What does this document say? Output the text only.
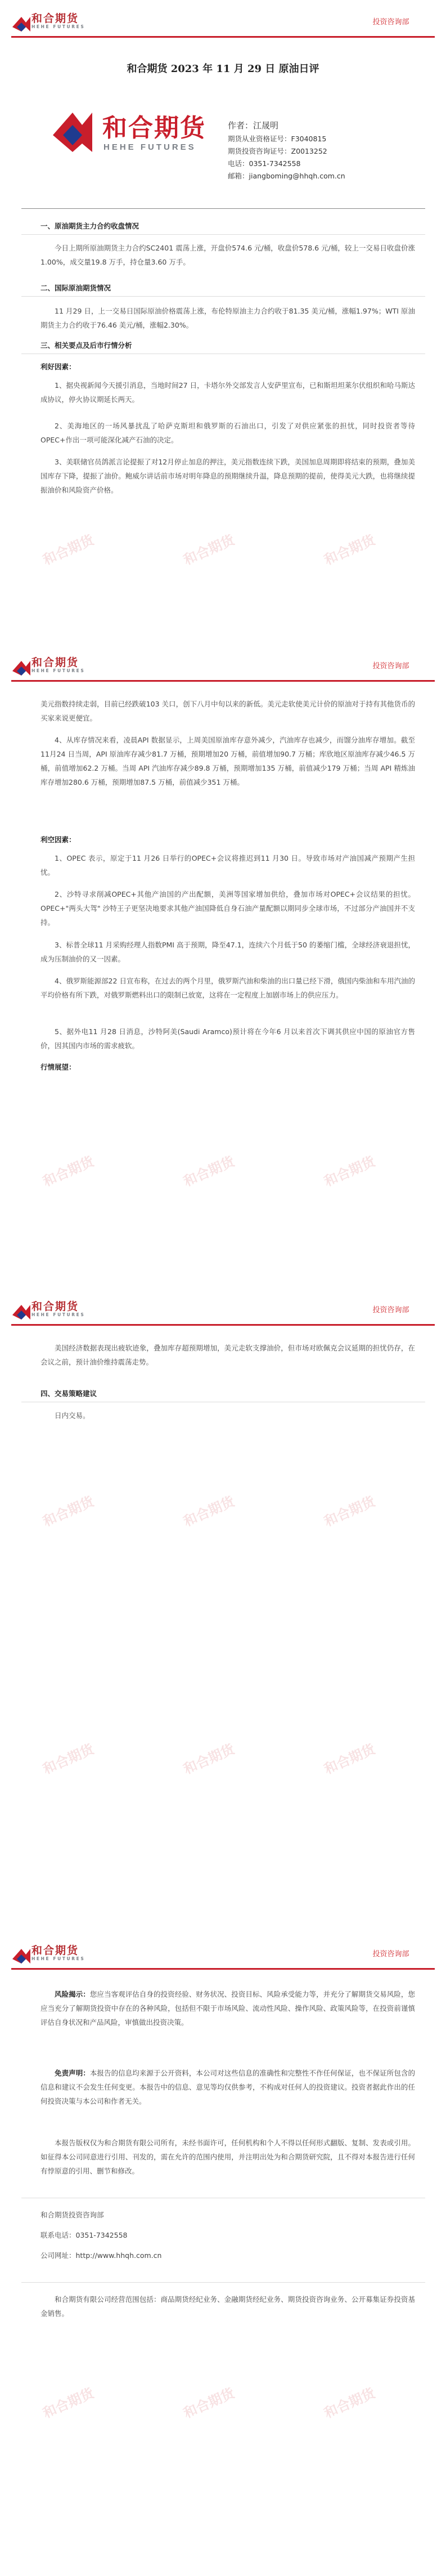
和合期货
HEHE FUTURES
投资咨询部
和合期货 2023 年 11 月 29 日 原油日评
和合期货
HEHE FUTURES
作者：江晟明
期货从业资格证号：F3040815
期货投资咨询证号：Z0013252
电话：0351-7342558
邮箱：jiangboming@hhqh.com.cn
一、原油期货主力合约收盘情况

今日上期所原油期货主力合约SC2401 震荡上涨，开盘价574.6 元/桶，收盘价578.6 元/桶，较上一交易日收盘价涨1.00%，成交量19.8 万手，持仓量3.60 万手。

二、国际原油期货情况

11 月29 日，上一交易日国际原油价格震荡上涨，布伦特原油主力合约收于81.35 美元/桶，涨幅1.97%；WTI 原油期货主力合约收于76.46 美元/桶，涨幅2.30%。

三、相关要点及后市行情分析
利好因素：

1、据央视新闻今天援引消息，当地时间27 日，卡塔尔外交部发言人安萨里宣布，已和斯坦坦莱尔伏组织和哈马斯达成协议，停火协议期延长两天。

2、美海地区的一场风暴扰乱了哈萨克斯坦和俄罗斯的石油出口，引发了对供应紧张的担忧，同时投资者等待OPEC+作出一项可能深化减产石油的决定。

3、美联储官员鸽派言论提振了对12月停止加息的押注，美元指数连续下跌，美国加息周期即将结束的预期，叠加美国库存下降，提振了油价。鲍威尔讲话前市场对明年降息的预期继续升温，降息预期的提前，使得美元大跌，也将继续提振油价和风险资产价格。

和合期货	和合期货	和合期货
和合期货
HEHE FUTURES
投资咨询部

美元指数持续走弱，目前已经跌破103 关口，创下八月中旬以来的新低。美元走软使美元计价的原油对于持有其他货币的买家来说更便宜。

4、从库存情况来看，凌晨API 数据显示，上周美国原油库存意外减少，汽油库存也减少，而馏分油库存增加。截至11月24 日当周，API 原油库存减少81.7 万桶，预期增加20 万桶，前值增加90.7 万桶；库欣地区原油库存减少46.5 万桶，前值增加62.2 万桶。当周 API 汽油库存减少89.8 万桶，预期增加135 万桶，前值减少179 万桶；当周 API 精炼油库存增加280.6 万桶，预期增加87.5 万桶，前值减少351 万桶。

利空因素：

1、OPEC 表示，原定于11 月26 日举行的OPEC+会议将推迟到11 月30 日。导致市场对产油国减产预期产生担忧。

2、沙特寻求削减OPEC+其他产油国的产出配额，美洲等国家增加供给，叠加市场对OPEC+会议结果的担忧。OPEC+"两头大驾" 沙特王子更坚决地要求其他产油国降低自身石油产量配额以期同步全球市场，不过部分产油国并不支持。

3、标普全球11 月采购经理人指数PMI 高于预期，降至47.1，连续六个月低于50 的萎缩门槛，全球经济衰退担忧，成为压制油价的又一因素。

4、俄罗斯能源部22 日宣布称，在过去的两个月里，俄罗斯汽油和柴油的出口量已经下滑，俄国内柴油和车用汽油的平均价格有所下跌，对俄罗斯燃料出口的限制已放宽，这将在一定程度上加剧市场上的供应压力。

5、据外电11 月28 日消息，沙特阿美(Saudi Aramco)预计将在今年6 月以来首次下调其供应中国的原油官方售价，因其国内市场的需求疲软。

行情展望：
和合期货	和合期货	和合期货
和合期货
HEHE FUTURES
投资咨询部

美国经济数据表现出疲软迹象，叠加库存超预期增加，美元走软支撑油价，但市场对欧佩克会议延期的担忧仍存，在会议之前，预计油价维持震荡走势。

四、交易策略建议

日内交易。

和合期货	和合期货	和合期货
和合期货	和合期货	和合期货
和合期货
HEHE FUTURES
投资咨询部

风险揭示：您应当客观评估自身的投资经验、财务状况、投资目标、风险承受能力等，并充分了解期货交易风险，您应当充分了解期货投资中存在的各种风险，包括但不限于市场风险、流动性风险、操作风险、政策风险等，在投资前谨慎评估自身状况和产品风险，审慎做出投资决策。

免责声明：本报告的信息均来源于公开资料，本公司对这些信息的准确性和完整性不作任何保证，也不保证所包含的信息和建议不会发生任何变更。本报告中的信息、意见等均仅供参考，不构成对任何人的投资建议。投资者据此作出的任何投资决策与本公司和作者无关。

本报告版权仅为和合期货有限公司所有，未经书面许可，任何机构和个人不得以任何形式翻版、复制、发表或引用。如征得本公司同意进行引用、刊发的，需在允许的范围内使用，并注明出处为和合期货研究院，且不得对本报告进行任何有悖原意的引用、删节和修改。

和合期货投资咨询部
联系电话：0351-7342558
公司网址：http://www.hhqh.com.cn

和合期货有限公司经营范围包括：商品期货经纪业务、金融期货经纪业务、期货投资咨询业务、公开募集证券投资基金销售。

和合期货	和合期货	和合期货
